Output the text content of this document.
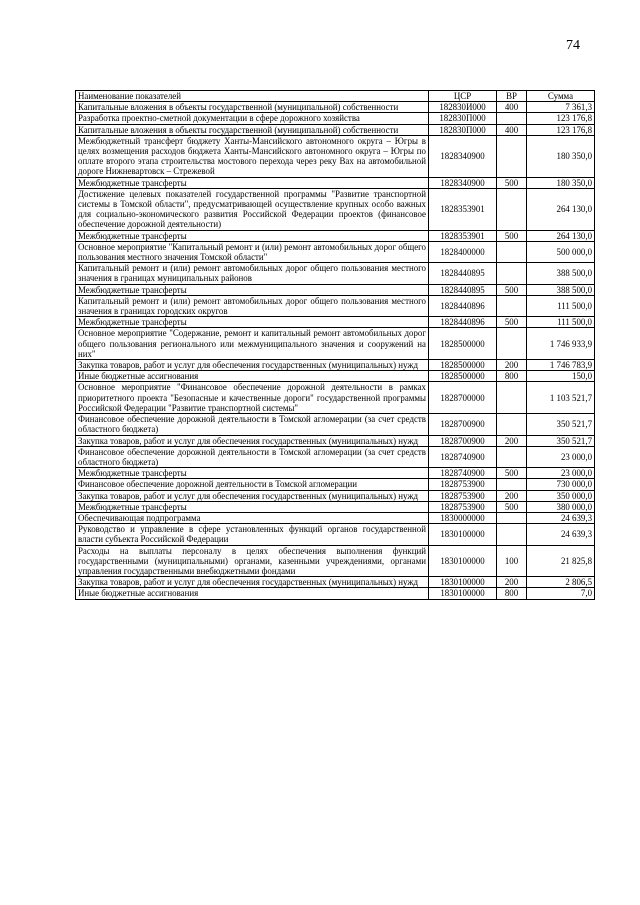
74
Наименование показателей	ЦСР	ВР	Сумма
Капитальные вложения в объекты государственной (муниципальной) собственности	182830И000	400	7 361,3
Разработка проектно-сметной документации в сфере дорожного хозяйства	182830П000		123 176,8
Капитальные вложения в объекты государственной (муниципальной) собственности	182830П000	400	123 176,8
Межбюджетный трансферт бюджету Ханты-Мансийского автономного округа – Югры в целях возмещения расходов бюджета Ханты-Мансийского автономного округа – Югры по оплате второго этапа строительства мостового перехода через реку Вах на автомобильной дороге Нижневартовск – Стрежевой	1828340900		180 350,0
Межбюджетные трансферты	1828340900	500	180 350,0
Достижение целевых показателей государственной программы "Развитие транспортной системы в Томской области", предусматривающей осуществление крупных особо важных для социально-экономического развития Российской Федерации проектов (финансовое обеспечение дорожной деятельности)	1828353901		264 130,0
Межбюджетные трансферты	1828353901	500	264 130,0
Основное мероприятие "Капитальный ремонт и (или) ремонт автомобильных дорог общего пользования местного значения Томской области"	1828400000		500 000,0
Капитальный ремонт и (или) ремонт автомобильных дорог общего пользования местного значения в границах муниципальных районов	1828440895		388 500,0
Межбюджетные трансферты	1828440895	500	388 500,0
Капитальный ремонт и (или) ремонт автомобильных дорог общего пользования местного значения в границах городских округов	1828440896		111 500,0
Межбюджетные трансферты	1828440896	500	111 500,0
Основное мероприятие "Содержание, ремонт и капитальный ремонт автомобильных дорог общего пользования регионального или межмуниципального значения и сооружений на них"	1828500000		1 746 933,9
Закупка товаров, работ и услуг для обеспечения государственных (муниципальных) нужд	1828500000	200	1 746 783,9
Иные бюджетные ассигнования	1828500000	800	150,0
Основное мероприятие "Финансовое обеспечение дорожной деятельности в рамках приоритетного проекта "Безопасные и качественные дороги" государственной программы Российской Федерации "Развитие транспортной системы"	1828700000		1 103 521,7
Финансовое обеспечение дорожной деятельности в Томской агломерации (за счет средств областного бюджета)	1828700900		350 521,7
Закупка товаров, работ и услуг для обеспечения государственных (муниципальных) нужд	1828700900	200	350 521,7
Финансовое обеспечение дорожной деятельности в Томской агломерации (за счет средств областного бюджета)	1828740900		23 000,0
Межбюджетные трансферты	1828740900	500	23 000,0
Финансовое обеспечение дорожной деятельности в Томской агломерации	1828753900		730 000,0
Закупка товаров, работ и услуг для обеспечения государственных (муниципальных) нужд	1828753900	200	350 000,0
Межбюджетные трансферты	1828753900	500	380 000,0
Обеспечивающая подпрограмма	1830000000		24 639,3
Руководство и управление в сфере установленных функций органов государственной власти субъекта Российской Федерации	1830100000		24 639,3
Расходы на выплаты персоналу в целях обеспечения выполнения функций государственными (муниципальными) органами, казенными учреждениями, органами управления государственными внебюджетными фондами	1830100000	100	21 825,8
Закупка товаров, работ и услуг для обеспечения государственных (муниципальных) нужд	1830100000	200	2 806,5
Иные бюджетные ассигнования	1830100000	800	7,0
